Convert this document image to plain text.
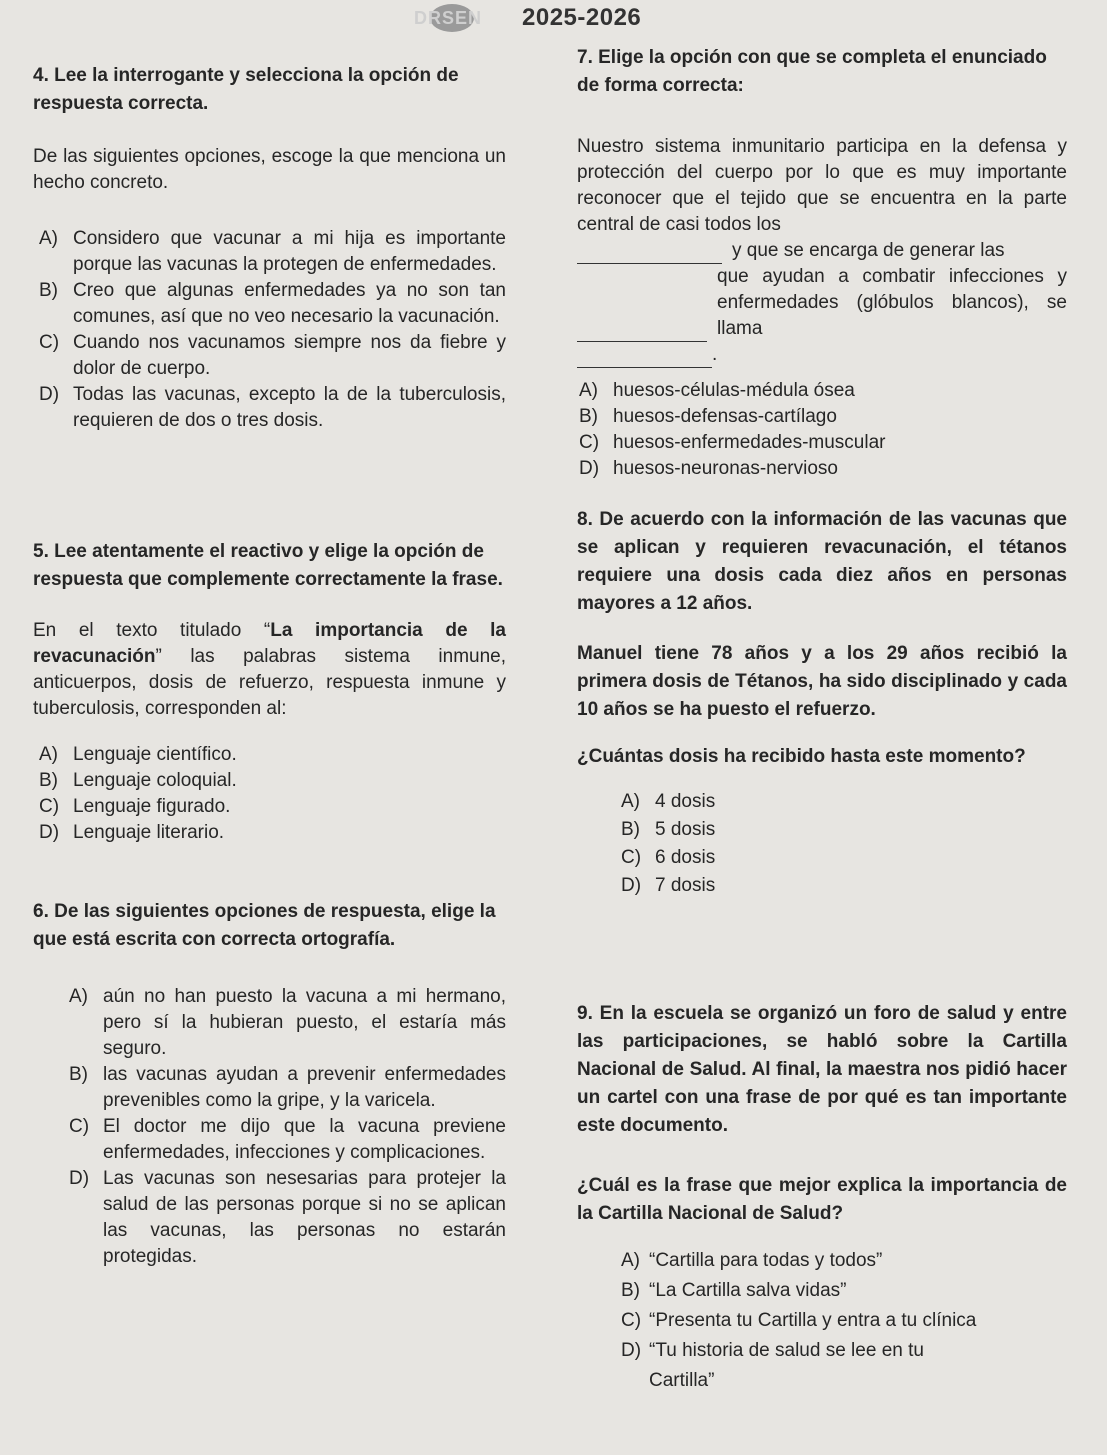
DRSEN 2025-2026

4. Lee la interrogante y selecciona la opción de respuesta correcta.

De las siguientes opciones, escoge la que menciona un hecho concreto.

A) Considero que vacunar a mi hija es importante porque las vacunas la protegen de enfermedades.
B) Creo que algunas enfermedades ya no son tan comunes, así que no veo necesario la vacunación.
C) Cuando nos vacunamos siempre nos da fiebre y dolor de cuerpo.
D) Todas las vacunas, excepto la de la tuberculosis, requieren de dos o tres dosis.

5. Lee atentamente el reactivo y elige la opción de respuesta que complemente correctamente la frase.

En el texto titulado “La importancia de la revacunación” las palabras sistema inmune, anticuerpos, dosis de refuerzo, respuesta inmune y tuberculosis, corresponden al:

A) Lenguaje científico.
B) Lenguaje coloquial.
C) Lenguaje figurado.
D) Lenguaje literario.

6. De las siguientes opciones de respuesta, elige la que está escrita con correcta ortografía.

A) aún no han puesto la vacuna a mi hermano, pero sí la hubieran puesto, el estaría más seguro.
B) las vacunas ayudan a prevenir enfermedades prevenibles como la gripe, y la varicela.
C) El doctor me dijo que la vacuna previene enfermedades, infecciones y complicaciones.
D) Las vacunas son nesesarias para protejer la salud de las personas porque si no se aplican las vacunas, las personas no estarán protegidas.

7. Elige la opción con que se completa el enunciado de forma correcta:

Nuestro sistema inmunitario participa en la defensa y protección del cuerpo por lo que es muy importante reconocer que el tejido que se encuentra en la parte central de casi todos los

y que se encarga de generar las
que ayudan a combatir infecciones y enfermedades (glóbulos blancos), se llama
.
A) huesos-células-médula ósea
B) huesos-defensas-cartílago
C) huesos-enfermedades-muscular
D) huesos-neuronas-nervioso

8. De acuerdo con la información de las vacunas que se aplican y requieren revacunación, el tétanos requiere una dosis cada diez años en personas mayores a 12 años.

Manuel tiene 78 años y a los 29 años recibió la primera dosis de Tétanos, ha sido disciplinado y cada 10 años se ha puesto el refuerzo.

¿Cuántas dosis ha recibido hasta este momento?

A) 4 dosis
B) 5 dosis
C) 6 dosis
D) 7 dosis

9. En la escuela se organizó un foro de salud y entre las participaciones, se habló sobre la Cartilla Nacional de Salud. Al final, la maestra nos pidió hacer un cartel con una frase de por qué es tan importante este documento.

¿Cuál es la frase que mejor explica la importancia de la Cartilla Nacional de Salud?

A) “Cartilla para todas y todos”
B) “La Cartilla salva vidas”
C) “Presenta tu Cartilla y entra a tu clínica
D) “Tu historia de salud se lee en tu Cartilla”
